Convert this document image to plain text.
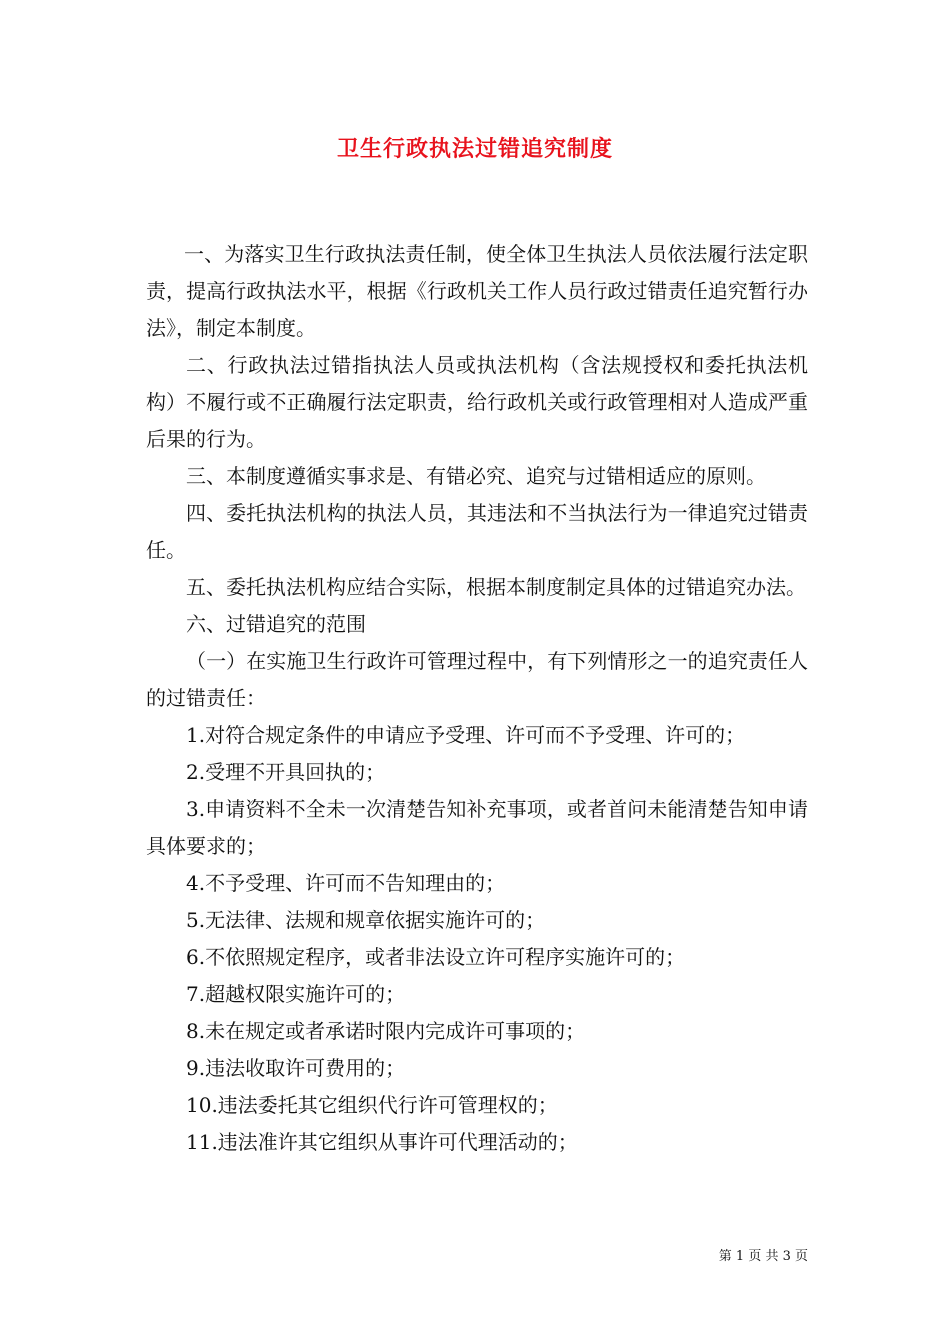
卫生行政执法过错追究制度

一、为落实卫生行政执法责任制，使全体卫生执法人员依法履行法定职责，提高行政执法水平，根据《行政机关工作人员行政过错责任追究暂行办法》，制定本制度。

二、行政执法过错指执法人员或执法机构（含法规授权和委托执法机构）不履行或不正确履行法定职责，给行政机关或行政管理相对人造成严重后果的行为。

三、本制度遵循实事求是、有错必究、追究与过错相适应的原则。

四、委托执法机构的执法人员，其违法和不当执法行为一律追究过错责任。

五、委托执法机构应结合实际，根据本制度制定具体的过错追究办法。

六、过错追究的范围

（一）在实施卫生行政许可管理过程中，有下列情形之一的追究责任人的过错责任：

1.对符合规定条件的申请应予受理、许可而不予受理、许可的；

2.受理不开具回执的；

3.申请资料不全未一次清楚告知补充事项，或者首问未能清楚告知申请具体要求的；

4.不予受理、许可而不告知理由的；

5.无法律、法规和规章依据实施许可的；

6.不依照规定程序，或者非法设立许可程序实施许可的；

7.超越权限实施许可的；

8.未在规定或者承诺时限内完成许可事项的；

9.违法收取许可费用的；

10.违法委托其它组织代行许可管理权的；

11.违法准许其它组织从事许可代理活动的；

第 1 页 共 3 页
